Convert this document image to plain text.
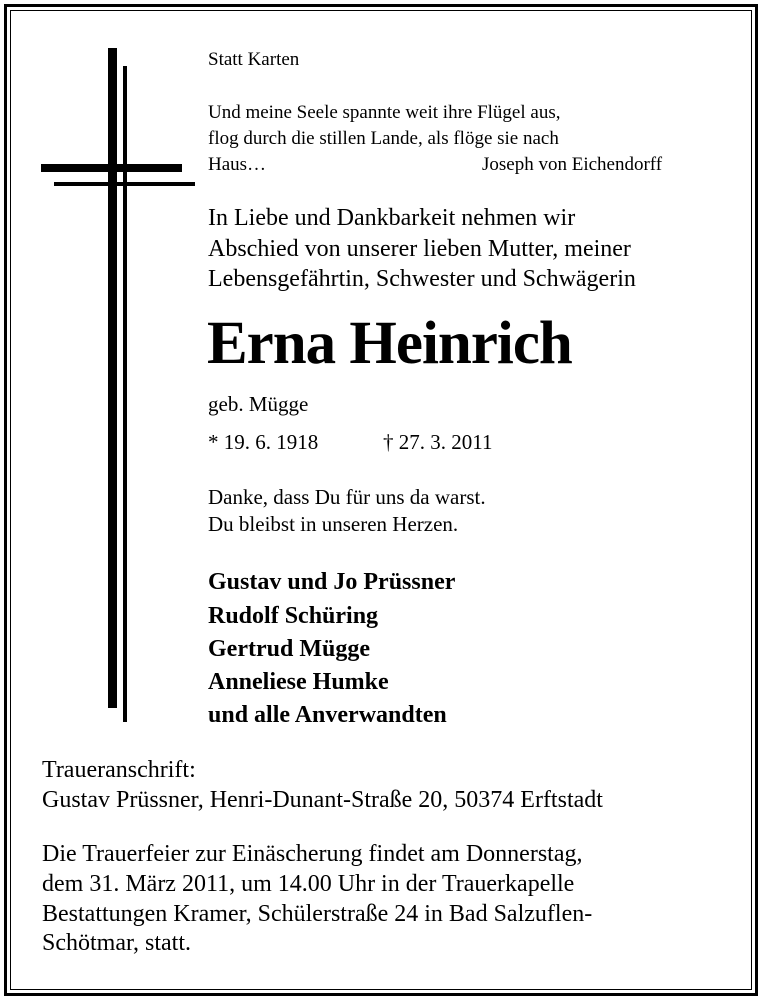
Statt Karten
Und meine Seele spannte weit ihre Flügel aus,
flog durch die stillen Lande, als flöge sie nach
Haus…	Joseph von Eichendorff
In Liebe und Dankbarkeit nehmen wir
Abschied von unserer lieben Mutter, meiner
Lebensgefährtin, Schwester und Schwägerin
Erna Heinrich
geb. Mügge
* 19. 6. 1918	† 27. 3. 2011
Danke, dass Du für uns da warst.
Du bleibst in unseren Herzen.
Gustav und Jo Prüssner
Rudolf Schüring
Gertrud Mügge
Anneliese Humke
und alle Anverwandten
Traueranschrift:
Gustav Prüssner, Henri-Dunant-Straße 20, 50374 Erftstadt
Die Trauerfeier zur Einäscherung findet am Donnerstag,
dem 31. März 2011, um 14.00 Uhr in der Trauerkapelle
Bestattungen Kramer, Schülerstraße 24 in Bad Salzuflen-
Schötmar, statt.
